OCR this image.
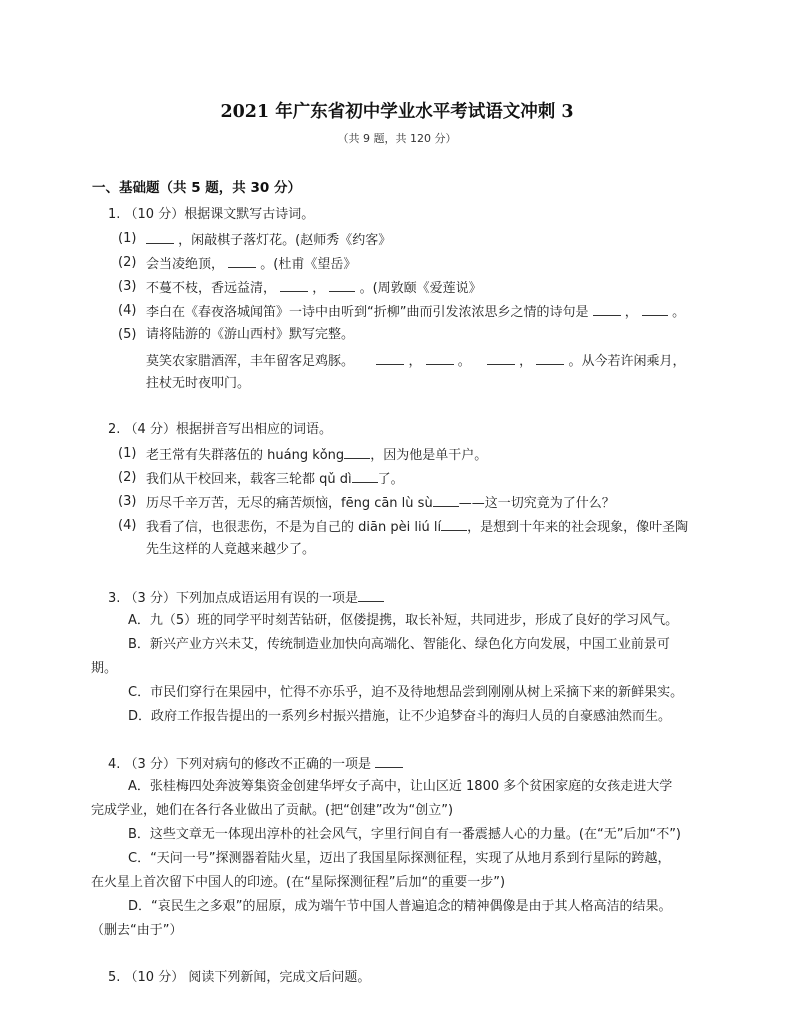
2021 年广东省初中学业水平考试语文冲刺 3
（共 9 题，共 120 分）
一、基础题（共 5 题，共 30 分）
1. （10 分）根据课文默写古诗词。
(1)	，闲敲棋子落灯花。(赵师秀《约客》
(2) 会当凌绝顶，	。(杜甫《望岳》
(3) 不蔓不枝，香远益清，	，	。(周敦颐《爱莲说》
(4) 李白在《春夜洛城闻笛》一诗中由听到“折柳”曲而引发浓浓思乡之情的诗句是	，	。
(5) 请将陆游的《游山西村》默写完整。
莫笑农家腊酒浑，丰年留客足鸡豚。	，	。	，	。从今若许闲乘月，
拄杖无时夜叩门。
2. （4 分）根据拼音写出相应的词语。
(1) 老王常有失群落伍的 huáng kǒng ，因为他是单干户。
(2) 我们从干校回来，载客三轮都 qǔ dì 了。
(3) 历尽千辛万苦，无尽的痛苦烦恼，fēng cān lù sù ——这一切究竟为了什么？
(4) 我看了信，也很悲伤，不是为自己的 diān pèi liú lí ，是想到十年来的社会现象，像叶圣陶
先生这样的人竟越来越少了。
3. （3 分）下列加点成语运用有误的一项是
A．九（5）班的同学平时刻苦钻研，伛偻提携，取长补短，共同进步，形成了良好的学习风气。
B．新兴产业方兴未艾，传统制造业加快向高端化、智能化、绿色化方向发展，中国工业前景可
期。
C．市民们穿行在果园中，忙得不亦乐乎，迫不及待地想品尝到刚刚从树上采摘下来的新鲜果实。
D．政府工作报告提出的一系列乡村振兴措施，让不少追梦奋斗的海归人员的自豪感油然而生。
4. （3 分）下列对病句的修改不正确的一项是
A．张桂梅四处奔波筹集资金创建华坪女子高中，让山区近 1800 多个贫困家庭的女孩走进大学
完成学业，她们在各行各业做出了贡献。(把“创建”改为“创立”)
B．这些文章无一体现出淳朴的社会风气，字里行间自有一番震撼人心的力量。(在“无”后加“不”)
C．“天问一号”探测器着陆火星，迈出了我国星际探测征程，实现了从地月系到行星际的跨越，
在火星上首次留下中国人的印迹。(在“星际探测征程”后加“的重要一步”)
D．“哀民生之多艰”的屈原，成为端午节中国人普遍追念的精神偶像是由于其人格高洁的结果。
（删去“由于”）
5. （10 分） 阅读下列新闻，完成文后问题。
